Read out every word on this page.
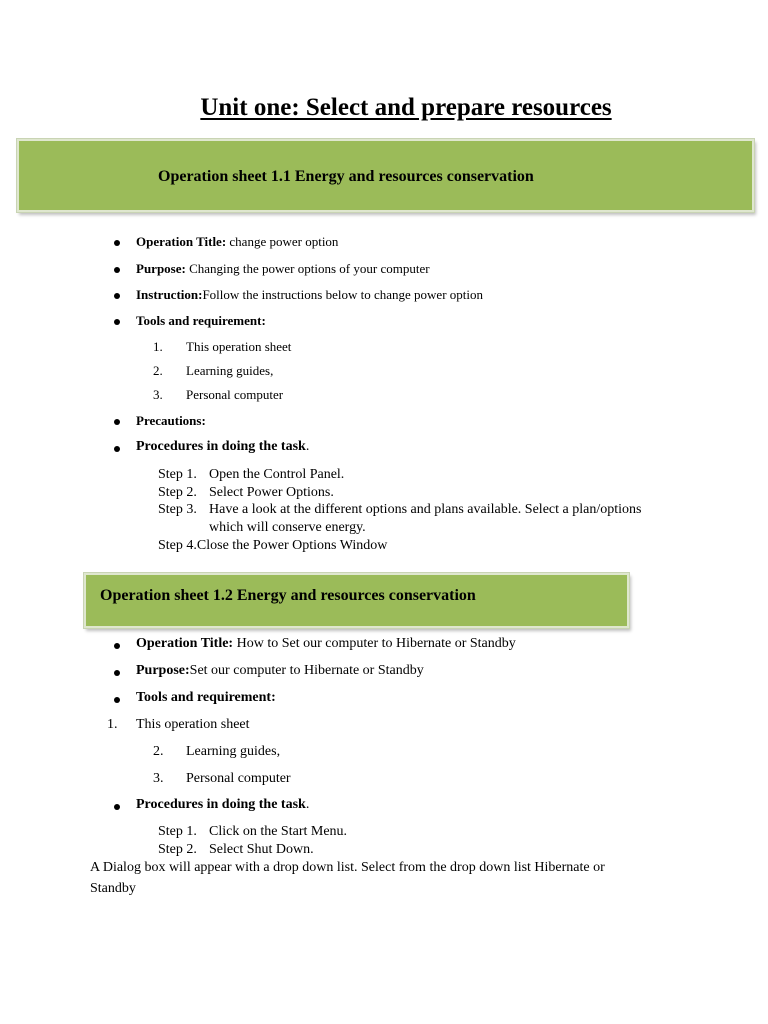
Unit one: Select and prepare resources
Operation sheet 1.1 Energy and resources conservation
Operation Title: change power option
Purpose: Changing the power options of your computer
Instruction:Follow the instructions below to change power option
Tools and requirement:
1. This operation sheet
2. Learning guides,
3. Personal computer
Precautions:
Procedures in doing the task.
Step 1. Open the Control Panel.
Step 2. Select Power Options.
Step 3. Have a look at the different options and plans available. Select a plan/options
which will conserve energy.
Step 4.Close the Power Options Window
Operation sheet 1.2 Energy and resources conservation
Operation Title: How to Set our computer to Hibernate or Standby
Purpose:Set our computer to Hibernate or Standby
Tools and requirement:
1. This operation sheet
2. Learning guides,
3. Personal computer
Procedures in doing the task.
Step 1. Click on the Start Menu.
Step 2. Select Shut Down.
A Dialog box will appear with a drop down list. Select from the drop down list Hibernate or
Standby
